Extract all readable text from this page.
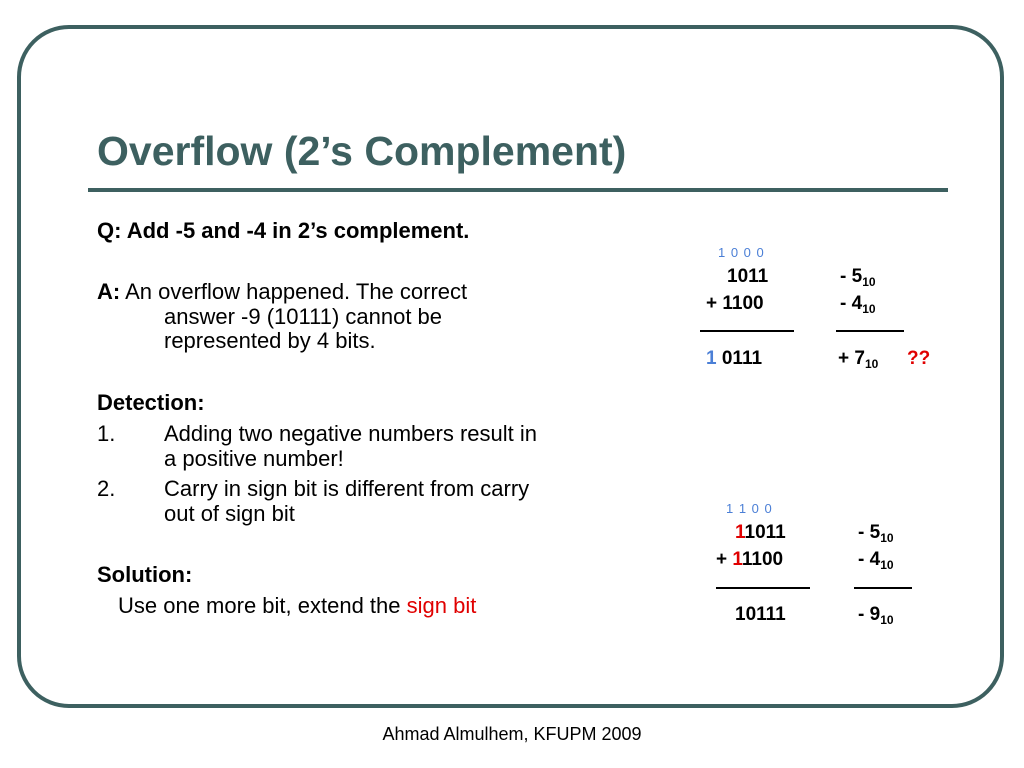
Overflow (2’s Complement)
Q: Add -5 and -4 in 2’s complement.
A: An overflow happened. The correct
answer -9 (10111) cannot be
represented by 4 bits.
Detection:
1. Adding two negative numbers result in
a positive number!
2. Carry in sign bit is different from carry
out of sign bit
Solution:
Use one more bit, extend the sign bit
1 0 0 0
1011
+ 1100
1 0111
- $5_{10}$
- $4_{10}$
+ $7_{10}$ ??
1 1 0 0
11011
+ 11100
10111
- $5_{10}$
- $4_{10}$
- $9_{10}$
Ahmad Almulhem, KFUPM 2009
